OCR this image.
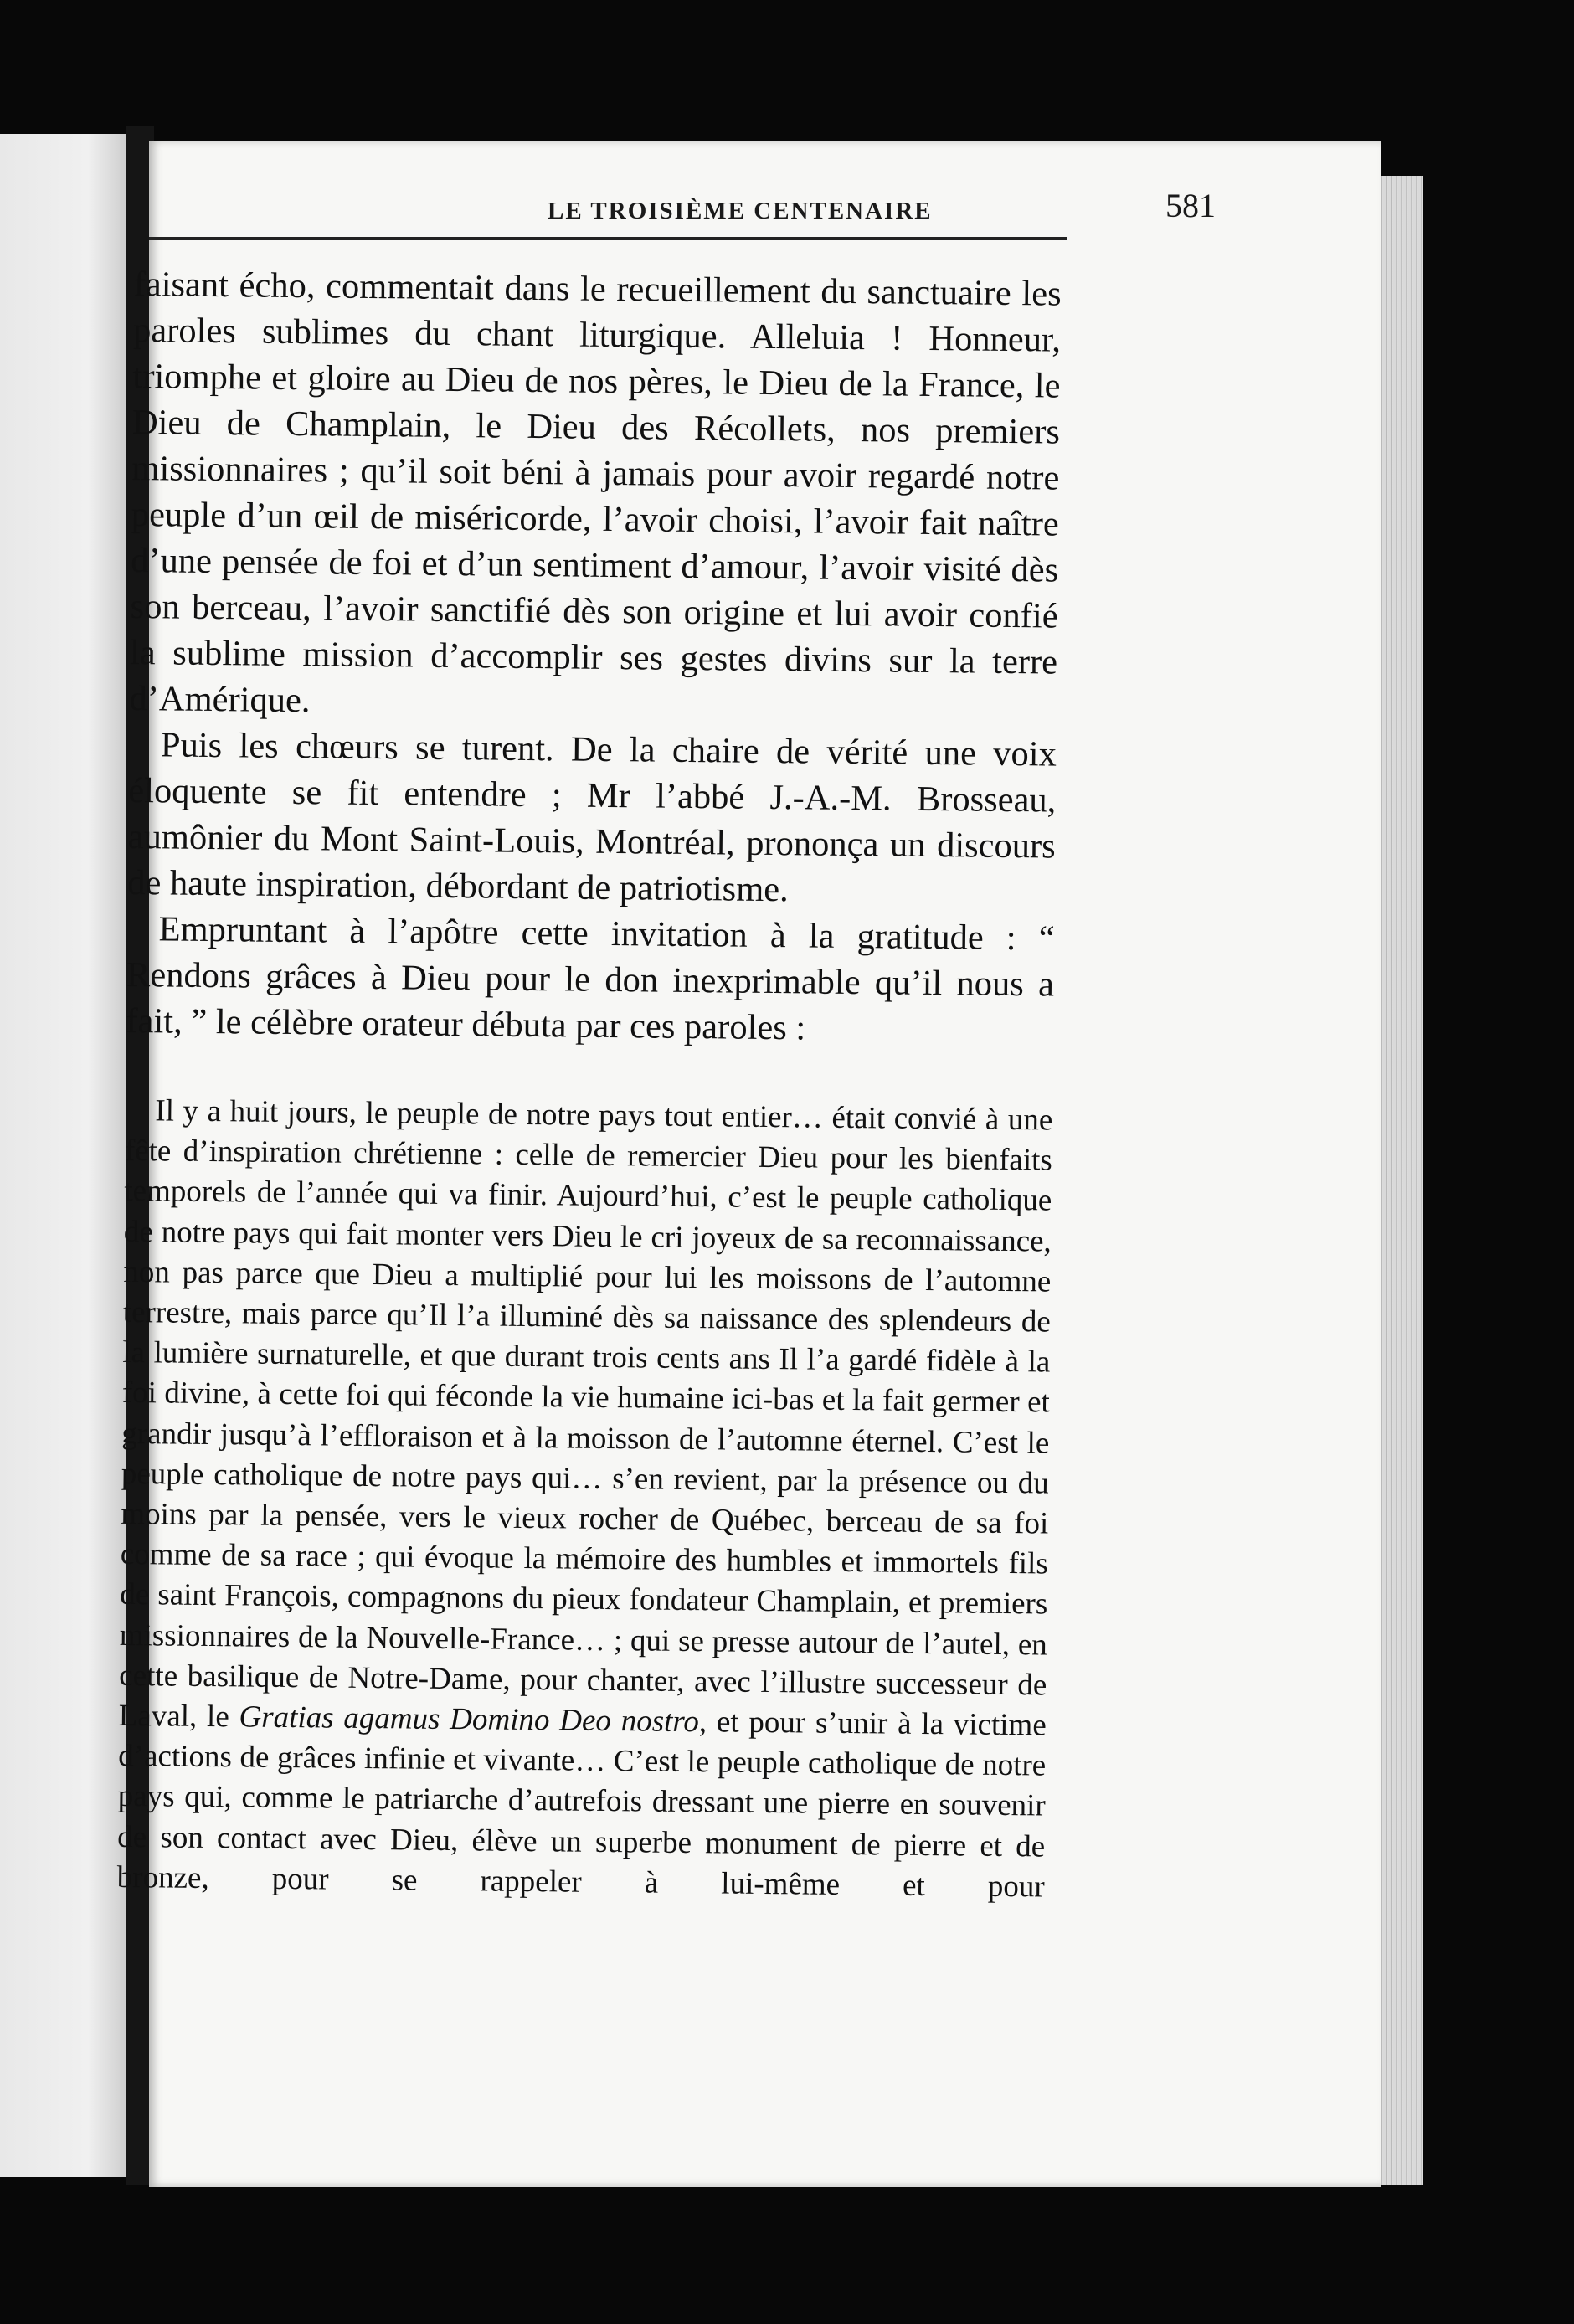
LE TROISIÈME CENTENAIRE	581

faisant écho, commentait dans le recueillement du sanctuaire les paroles sublimes du chant liturgique. Alleluia ! Honneur, triomphe et gloire au Dieu de nos pères, le Dieu de la France, le Dieu de Champlain, le Dieu des Récollets, nos premiers missionnaires ; qu’il soit béni à jamais pour avoir regardé notre peuple d’un œil de miséricorde, l’avoir choisi, l’avoir fait naître d’une pensée de foi et d’un sentiment d’amour, l’avoir visité dès son berceau, l’avoir sanctifié dès son origine et lui avoir confié la sublime mission d’accomplir ses gestes divins sur la terre d’Amérique.

Puis les chœurs se turent. De la chaire de vérité une voix éloquente se fit entendre ; Mr l’abbé J.-A.-M. Brosseau, aumônier du Mont Saint-Louis, Montréal, prononça un discours de haute inspiration, débordant de patriotisme.

Empruntant à l’apôtre cette invitation à la gratitude : “ Rendons grâces à Dieu pour le don inexprimable qu’il nous a fait, ” le célèbre orateur débuta par ces paroles :

Il y a huit jours, le peuple de notre pays tout entier… était convié à une fête d’inspiration chrétienne : celle de remercier Dieu pour les bienfaits temporels de l’année qui va finir. Aujourd’hui, c’est le peuple catholique de notre pays qui fait monter vers Dieu le cri joyeux de sa reconnaissance, non pas parce que Dieu a multiplié pour lui les moissons de l’automne terrestre, mais parce qu’Il l’a illuminé dès sa naissance des splendeurs de la lumière surnaturelle, et que durant trois cents ans Il l’a gardé fidèle à la foi divine, à cette foi qui féconde la vie humaine ici-bas et la fait germer et grandir jusqu’à l’effloraison et à la moisson de l’automne éternel. C’est le peuple catholique de notre pays qui… s’en revient, par la présence ou du moins par la pensée, vers le vieux rocher de Québec, berceau de sa foi comme de sa race ; qui évoque la mémoire des humbles et immortels fils de saint François, compagnons du pieux fondateur Champlain, et premiers missionnaires de la Nouvelle-France… ; qui se presse autour de l’autel, en cette basilique de Notre-Dame, pour chanter, avec l’illustre successeur de Laval, le Gratias agamus Domino Deo nostro, et pour s’unir à la victime d’actions de grâces infinie et vivante… C’est le peuple catholique de notre pays qui, comme le patriarche d’autrefois dressant une pierre en souvenir de son contact avec Dieu, élève un superbe monument de pierre et de bronze, pour se rappeler à lui-même et pour
